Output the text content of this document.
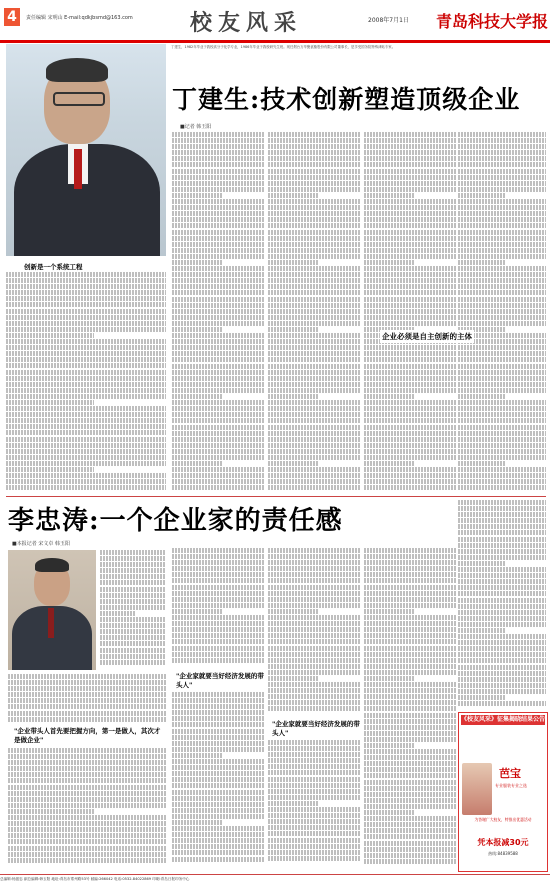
4	责任编辑 宋明山 E-mail:qdkjbsmd@163.com	校友风采	2008年7月1日 青岛科技大学报
丁建生，1982年毕业于我校高分子化学专业，1986年毕业于我校研究生班。现任烟台万华聚氨酯股份有限公司董事长，是享受国务院特殊津贴专家。
丁建生:技术创新塑造顶级企业
■记者 韩玉阳
创新是一个系统工程
企业必须是自主创新的主体
李忠涛:一个企业家的责任感
■本报记者 宋文卓 韩玉阳
"企业带头人首先要把握方向，第一是做人，其次才是做企业"
"企业家就要当好经济发展的带头人"
"企业家就要当好经济发展的带头人"
《校友风采》征集揭晓结果公告
芭宝
专业服装专业之选
为答谢广大校友，特推出优惠活动
凭本报减30元
热线:84839588
总编辑:杨振忠 副总编辑:韩玉阳 地址:青岛市郑州路53号 邮编:266042 电话:0532-84022869 印刷:青岛日报印务中心
